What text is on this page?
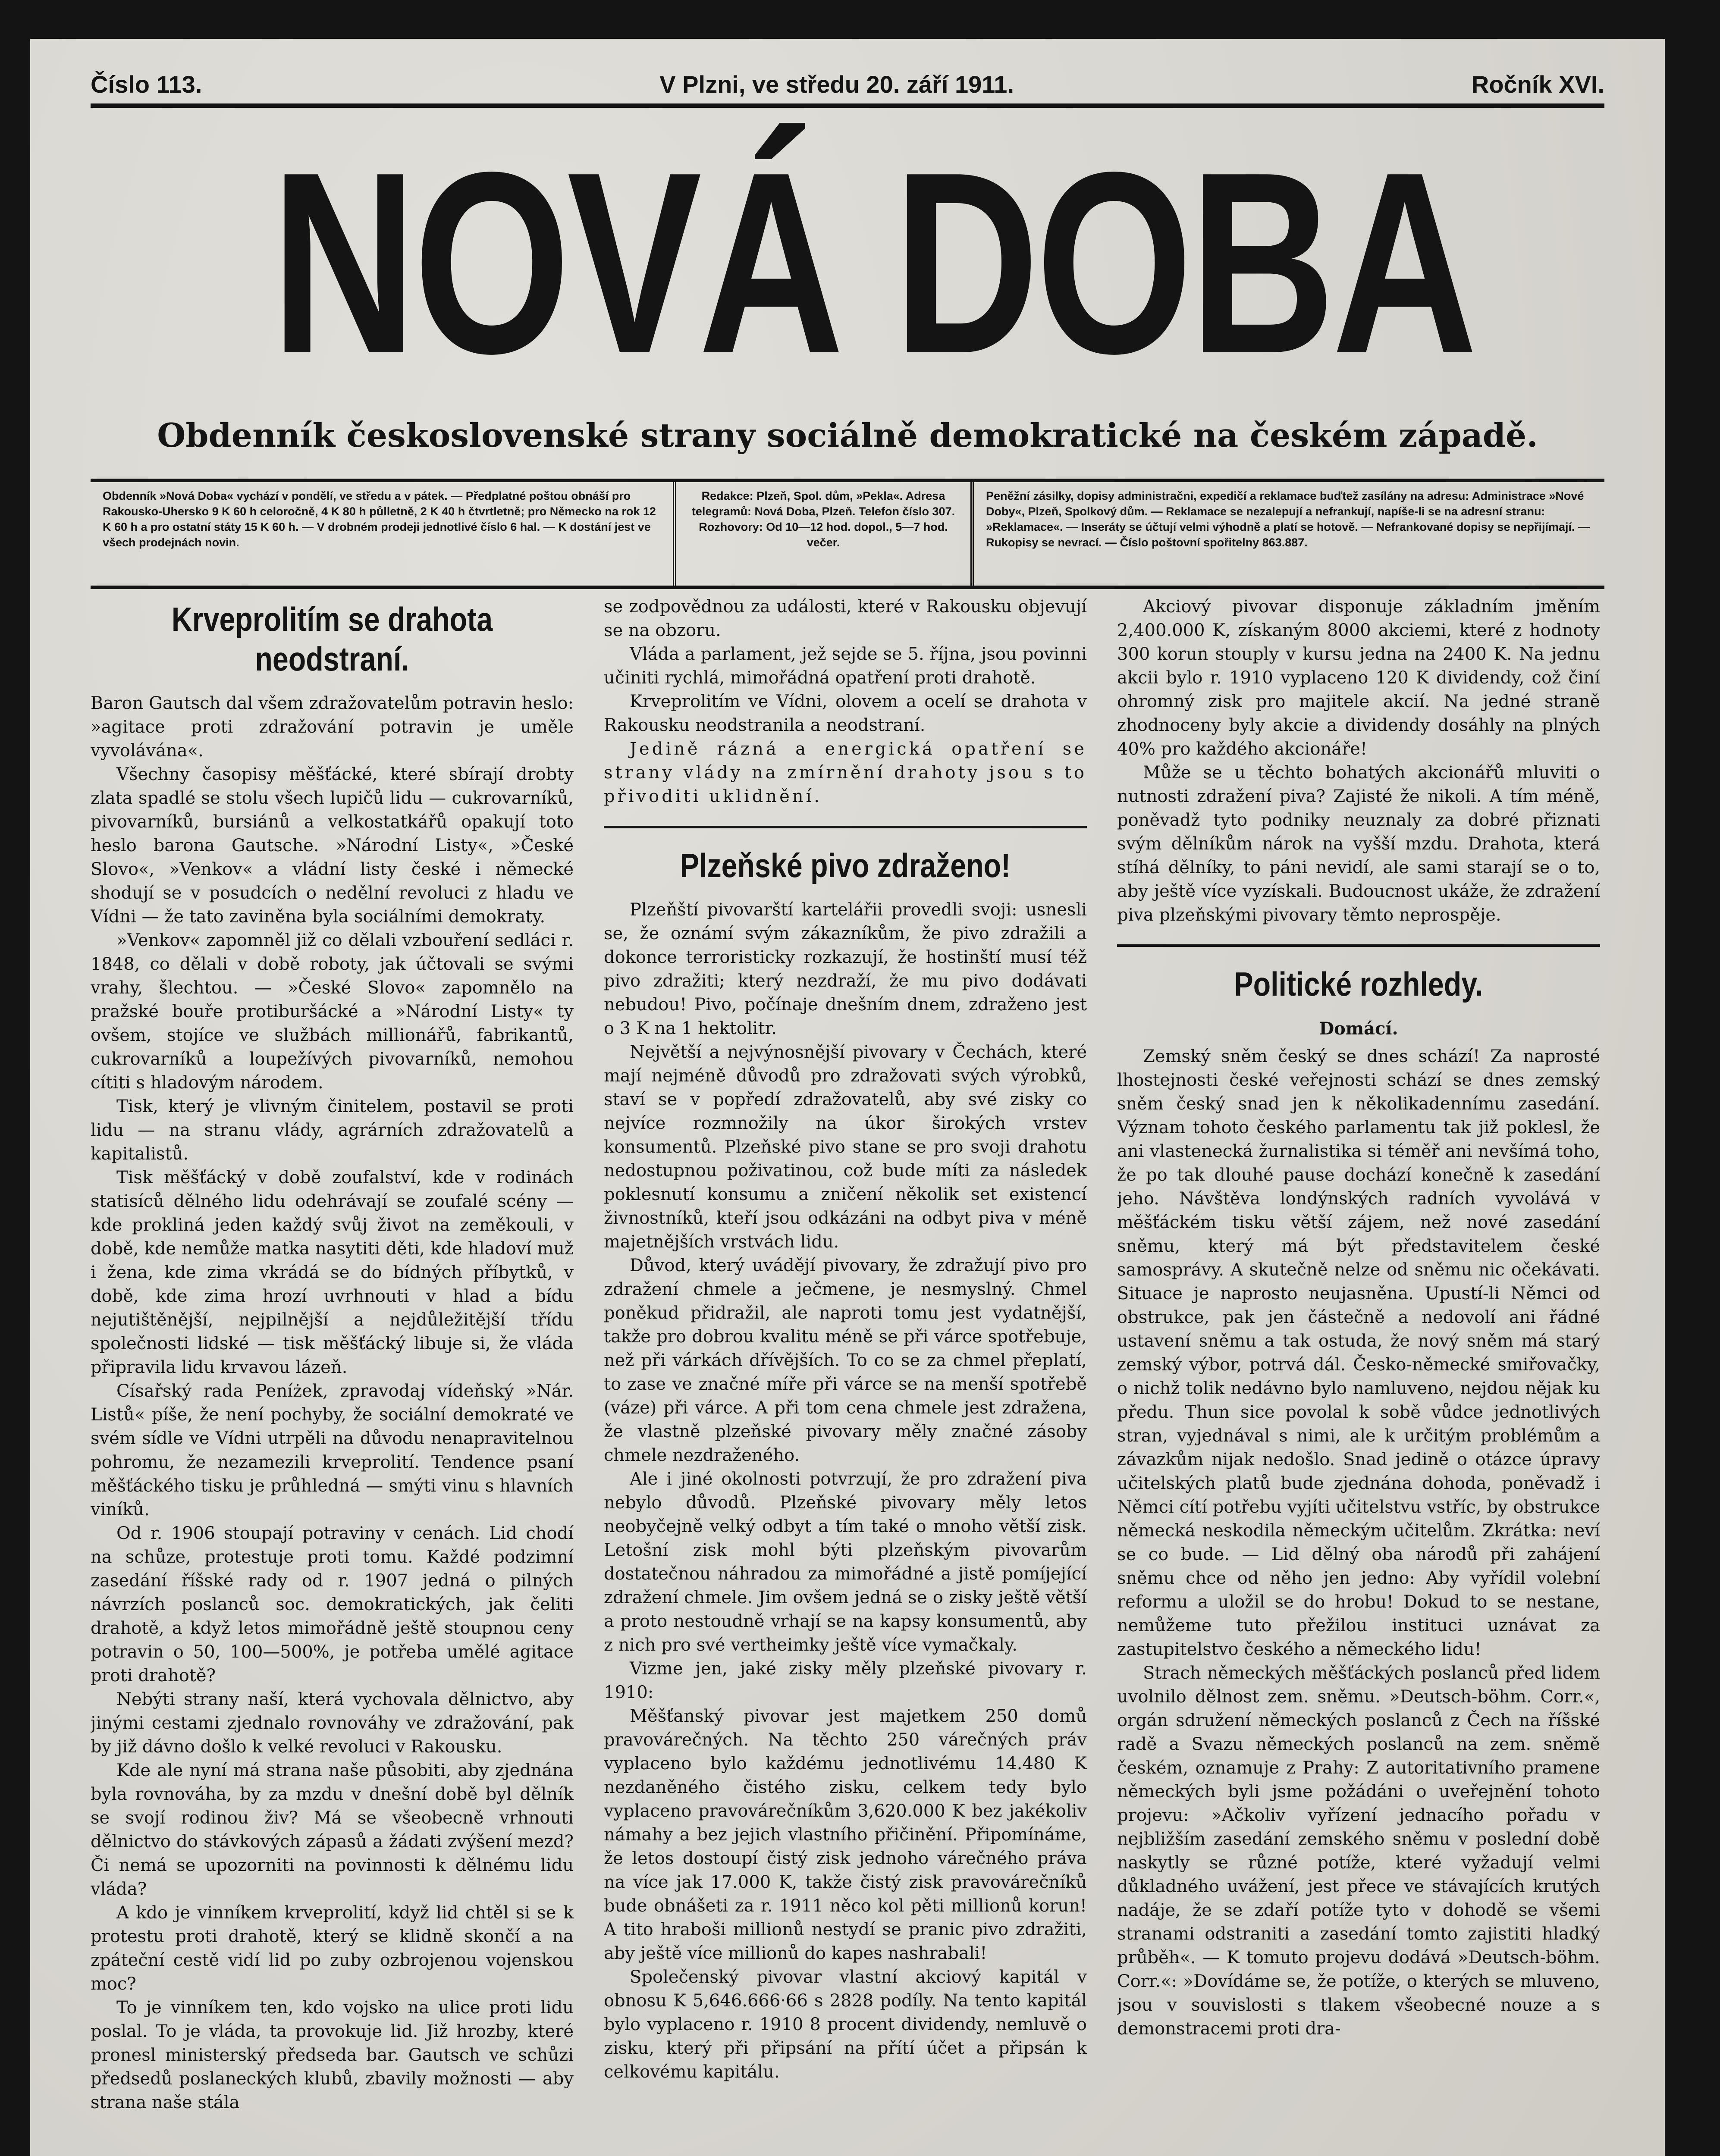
Číslo 113.	V Plzni, ve středu 20. září 1911.	Ročník XVI.
NOVÁ DOBA
Obdenník československé strany sociálně demokratické na českém západě.
Obdenník »Nová Doba« vychází v pondělí, ve středu a v pátek. — Předplatné poštou obnáší pro Rakousko-Uhersko 9 K 60 h celoročně, 4 K 80 h půlletně, 2 K 40 h čtvrtletně; pro Německo na rok 12 K 60 h a pro ostatní státy 15 K 60 h. — V drobném prodeji jednotlivé číslo 6 hal. — K dostání jest ve všech prodejnách novin.
Redakce: Plzeň, Spol. dům, »Pekla«. Adresa telegramů: Nová Doba, Plzeň. Telefon číslo 307. Rozhovory: Od 10—12 hod. dopol., 5—7 hod. večer.
Peněžní zásilky, dopisy administračni, expedičí a reklamace buďtež zasílány na adresu: Administrace »Nové Doby«, Plzeň, Spolkový dům. — Reklamace se nezalepují a nefrankují, napíše-li se na adresní stranu: »Reklamace«. — Inseráty se účtují velmi výhodně a platí se hotově. — Nefrankované dopisy se nepřijímají. — Rukopisy se nevrací. — Číslo poštovní spořitelny 863.887.
Krveprolitím se drahota neodstraní.

Baron Gautsch dal všem zdražovatelům potravin heslo: »agitace proti zdražování potravin je uměle vyvolávána«.

Všechny časopisy měšťácké, které sbírají drobty zlata spadlé se stolu všech lupičů lidu — cukrovarníků, pivovarníků, bursiánů a velkostatkářů opakují toto heslo barona Gautsche. »Národní Listy«, »České Slovo«, »Venkov« a vládní listy české i německé shodují se v posudcích o nedělní revoluci z hladu ve Vídni — že tato zaviněna byla sociálními demokraty.

»Venkov« zapomněl již co dělali vzbouření sedláci r. 1848, co dělali v době roboty, jak účtovali se svými vrahy, šlechtou. — »České Slovo« zapomnělo na pražské bouře protiburšácké a »Národní Listy« ty ovšem, stojíce ve službách millionářů, fabrikantů, cukrovarníků a loupežívých pivovarníků, nemohou cítiti s hladovým národem.

Tisk, který je vlivným činitelem, postavil se proti lidu — na stranu vlády, agrárních zdražovatelů a kapitalistů.

Tisk měšťácký v době zoufalství, kde v rodinách statisíců dělného lidu odehrávají se zoufalé scény — kde prokliná jeden každý svůj život na zeměkouli, v době, kde nemůže matka nasytiti děti, kde hladoví muž i žena, kde zima vkrádá se do bídných příbytků, v době, kde zima hrozí uvrhnouti v hlad a bídu nejutištěnější, nejpilnější a nejdůležitější třídu společnosti lidské — tisk měšťácký libuje si, že vláda připravila lidu krvavou lázeň.

Císařský rada Peníżek, zpravodaj vídeňský »Nár. Listů« píše, že není pochyby, že sociální demokraté ve svém sídle ve Vídni utrpěli na důvodu nenapravitelnou pohromu, že nezamezili krveprolití. Tendence psaní měšťáckého tisku je průhledná — smýti vinu s hlavních viníků.

Od r. 1906 stoupají potraviny v cenách. Lid chodí na schůze, protestuje proti tomu. Každé podzimní zasedání říšské rady od r. 1907 jedná o pilných návrzích poslanců soc. demokratických, jak čeliti drahotě, a když letos mimořádně ještě stoupnou ceny potravin o 50, 100—500%, je potřeba umělé agitace proti drahotě?

Nebýti strany naší, která vychovala dělnictvo, aby jinými cestami zjednalo rovnováhy ve zdražování, pak by již dávno došlo k velké revoluci v Rakousku.

Kde ale nyní má strana naše působiti, aby zjednána byla rovnováha, by za mzdu v dnešní době byl dělník se svojí rodinou živ? Má se všeobecně vrhnouti dělnictvo do stávkových zápasů a žádati zvýšení mezd? Či nemá se upozorniti na povinnosti k dělnému lidu vláda?

A kdo je vinníkem krveprolití, když lid chtěl si se k protestu proti drahotě, který se klidně skončí a na zpáteční cestě vidí lid po zuby ozbrojenou vojenskou moc?

To je vinníkem ten, kdo vojsko na ulice proti lidu poslal. To je vláda, ta provokuje lid. Již hrozby, které pronesl ministerský předseda bar. Gautsch ve schůzi předsedů poslaneckých klubů, zbavily možnosti — aby strana naše stála

se zodpovědnou za události, které v Rakousku objevují se na obzoru.

Vláda a parlament, jež sejde se 5. října, jsou povinni učiniti rychlá, mimořádná opatření proti drahotě.

Krveprolitím ve Vídni, olovem a ocelí se drahota v Rakousku neodstranila a neodstraní.

Jedině rázná a energická opatření se strany vlády na zmírnění drahoty jsou s to přivoditi uklidnění.

Plzeňské pivo zdraženo!

Plzeňští pivovarští kartelářii provedli svoji: usnesli se, že oznámí svým zákazníkům, že pivo zdražili a dokonce terroristicky rozkazují, že hostinští musí též pivo zdražiti; který nezdraží, že mu pivo dodávati nebudou! Pivo, počínaje dnešním dnem, zdraženo jest o 3 K na 1 hektolitr.

Největší a nejvýnosnější pivovary v Čechách, které mají nejméně důvodů pro zdražovati svých výrobků, staví se v popředí zdražovatelů, aby své zisky co nejvíce rozmnožily na úkor širokých vrstev konsumentů. Plzeňské pivo stane se pro svoji drahotu nedostupnou poživatinou, což bude míti za následek poklesnutí konsumu a zničení několik set existencí živnostníků, kteří jsou odkázáni na odbyt piva v méně majetnějších vrstvách lidu.

Důvod, který uvádějí pivovary, že zdražují pivo pro zdražení chmele a ječmene, je nesmyslný. Chmel poněkud přidražil, ale naproti tomu jest vydatnější, takže pro dobrou kvalitu méně se při várce spotřebuje, než při várkách dřívějších. To co se za chmel přeplatí, to zase ve značné míře při várce se na menší spotřebě (váze) při várce. A při tom cena chmele jest zdražena, že vlastně plzeňské pivovary měly značné zásoby chmele nezdraženého.

Ale i jiné okolnosti potvrzují, že pro zdražení piva nebylo důvodů. Plzeňské pivovary měly letos neobyčejně velký odbyt a tím také o mnoho větší zisk. Letošní zisk mohl býti plzeňským pivovarům dostatečnou náhradou za mimořádné a jistě pomíjející zdražení chmele. Jim ovšem jedná se o zisky ještě větší a proto nestoudně vrhají se na kapsy konsumentů, aby z nich pro své vertheimky ještě více vymačkaly.

Vizme jen, jaké zisky měly plzeňské pivovary r. 1910:

Měšťanský pivovar jest majetkem 250 domů pravovárečných. Na těchto 250 várečných práv vyplaceno bylo každému jednotlivému 14.480 K nezdaněného čistého zisku, celkem tedy bylo vyplaceno pravovárečníkům 3,620.000 K bez jakékoliv námahy a bez jejich vlastního přičinění. Připomínáme, že letos dostoupí čistý zisk jednoho várečného práva na více jak 17.000 K, takže čistý zisk pravovárečníků bude obnášeti za r. 1911 něco kol pěti millionů korun! A tito hraboši millionů nestydí se pranic pivo zdražiti, aby ještě více millionů do kapes nashrabali!

Společenský pivovar vlastní akciový kapitál v obnosu K 5,646.666·66 s 2828 podíly. Na tento kapitál bylo vyplaceno r. 1910 8 procent dividendy, nemluvě o zisku, který při připsání na přítí účet a připsán k celkovému kapitálu.

Akciový pivovar disponuje základním jměním 2,400.000 K, získaným 8000 akciemi, které z hodnoty 300 korun stouply v kursu jedna na 2400 K. Na jednu akcii bylo r. 1910 vyplaceno 120 K dividendy, což činí ohromný zisk pro majitele akcií. Na jedné straně zhodnoceny byly akcie a dividendy dosáhly na plných 40% pro každého akcionáře!

Může se u těchto bohatých akcionářů mluviti o nutnosti zdražení piva? Zajisté že nikoli. A tím méně, poněvadž tyto podniky neuznaly za dobré přiznati svým dělníkům nárok na vyšší mzdu. Drahota, která stíhá dělníky, to páni nevidí, ale sami starají se o to, aby ještě více vyzískali. Budoucnost ukáže, že zdražení piva plzeňskými pivovary těmto neprospěje.

Politické rozhledy.
Domácí.

Zemský sněm český se dnes schází! Za naprosté lhostejnosti české veřejnosti schází se dnes zemský sněm český snad jen k několikadennímu zasedání. Význam tohoto českého parlamentu tak již poklesl, že ani vlastenecká žurnalistika si téměř ani nevšímá toho, že po tak dlouhé pause dochází konečně k zasedání jeho. Návštěva londýnských radních vyvolává v měšťáckém tisku větší zájem, než nové zasedání sněmu, který má být představitelem české samosprávy. A skutečně nelze od sněmu nic očekávati. Situace je naprosto neujasněna. Upustí-li Němci od obstrukce, pak jen částečně a nedovolí ani řádné ustavení sněmu a tak ostuda, že nový sněm má starý zemský výbor, potrvá dál. Česko-německé smiřovačky, o nichž tolik nedávno bylo namluveno, nejdou nějak ku předu. Thun sice povolal k sobě vůdce jednotlivých stran, vyjednával s nimi, ale k určitým problémům a závazkům nijak nedošlo. Snad jedině o otázce úpravy učitelských platů bude zjednána dohoda, poněvadž i Němci cítí potřebu vyjíti učitelstvu vstříc, by obstrukce německá neskodila německým učitelům. Zkrátka: neví se co bude. — Lid dělný oba národů při zahájení sněmu chce od něho jen jedno: Aby vyřídil volební reformu a uložil se do hrobu! Dokud to se nestane, nemůžeme tuto přežilou instituci uznávat za zastupitelstvo českého a německého lidu!

Strach německých měšťáckých poslanců před lidem uvolnilo dělnost zem. sněmu. »Deutsch-böhm. Corr.«, orgán sdružení německých poslanců z Čech na říšské radě a Svazu německých poslanců na zem. sněmě českém, oznamuje z Prahy: Z autoritativního pramene německých byli jsme požádáni o uveřejnění tohoto projevu: »Ačkoliv vyřízení jednacího pořadu v nejbližším zasedání zemského sněmu v poslední době naskytly se různé potíže, které vyžadují velmi důkladného uvážení, jest přece ve stávajících krutých nadáje, že se zdaří potíže tyto v dohodě se všemi stranami odstraniti a zasedání tomto zajistiti hladký průběh«. — K tomuto projevu dodává »Deutsch-böhm. Corr.«: »Dovídáme se, že potíže, o kterých se mluveno, jsou v souvislosti s tlakem všeobecné nouze a s demonstracemi proti dra-
